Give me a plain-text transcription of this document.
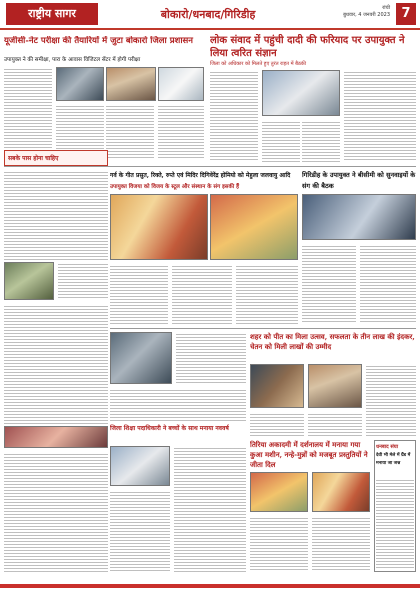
राष्ट्रीय सागर	बोकारो/धनबाद/गिरिडीह	रांची
बुधवार, 4 जनवरी 2023 7
यूजीसी-नेट परीक्षा की तैयारियों में जुटा बोकारो जिला प्रशासन
उपायुक्त ने की समीक्षा, पारा के आवास विजिटल सेंटर में होगी परीक्षा
लोक संवाद में पहुंची दादी की फरियाद पर उपायुक्त ने लिया त्वरित संज्ञान
जिला को अधिकार को मिलते हुए तुरंत राहत में बैठकी
सबके पास होना चाहिए
गर्व के गीत प्रसुत, रिक्ते, रुप्ते एवं मिदिर दिगिवेरेंद्र होमियो को मेहुला जलवायु आदि
उपायुक्त विजया को विजय के स्टूल और संस्थान के संग इसकी हैं
गिरिडीह के उपायुक्त ने बीसीमी को सुनवाइयों के संग की बैठक
शहर को पीत का मिला उत्सव, सफलता के तीन लाख की इंदकर, चेतन को मिली लाखों की उम्मीद
जिला शिक्षा पदाधिकारी ने बच्चों के साथ मनाया नववर्ष
तिरिया अकादमी में दर्शनालय में मनाया गया कुआ मशीन, नन्हे-मुन्नों को मजबूत प्रस्तुतियों ने जीता दिल
धनबाद संघा
देवी भी मेले में ग्रैंड में मनाया जा जश्न
